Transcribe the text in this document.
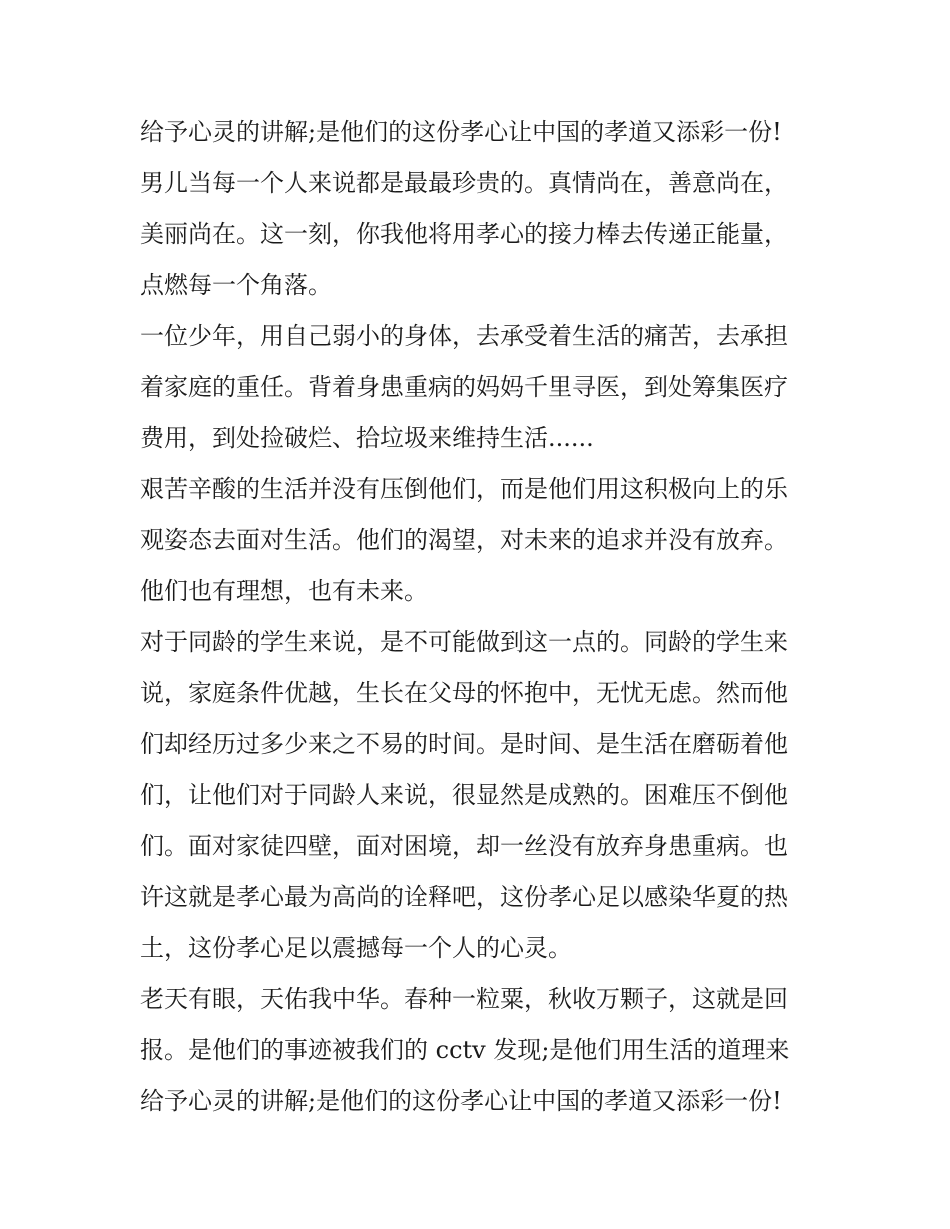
给予心灵的讲解;是他们的这份孝心让中国的孝道又添彩一份!
男儿当每一个人来说都是最最珍贵的。真情尚在，善意尚在，
美丽尚在。这一刻，你我他将用孝心的接力棒去传递正能量，
点燃每一个角落。
一位少年，用自己弱小的身体，去承受着生活的痛苦，去承担
着家庭的重任。背着身患重病的妈妈千里寻医，到处筹集医疗
费用，到处捡破烂、拾垃圾来维持生活......
艰苦辛酸的生活并没有压倒他们，而是他们用这积极向上的乐
观姿态去面对生活。他们的渴望，对未来的追求并没有放弃。
他们也有理想，也有未来。
对于同龄的学生来说，是不可能做到这一点的。同龄的学生来
说，家庭条件优越，生长在父母的怀抱中，无忧无虑。然而他
们却经历过多少来之不易的时间。是时间、是生活在磨砺着他
们，让他们对于同龄人来说，很显然是成熟的。困难压不倒他
们。面对家徒四壁，面对困境，却一丝没有放弃身患重病。也
许这就是孝心最为高尚的诠释吧，这份孝心足以感染华夏的热
土，这份孝心足以震撼每一个人的心灵。
老天有眼，天佑我中华。春种一粒粟，秋收万颗子，这就是回
报。是他们的事迹被我们的 cctv 发现;是他们用生活的道理来
给予心灵的讲解;是他们的这份孝心让中国的孝道又添彩一份!
